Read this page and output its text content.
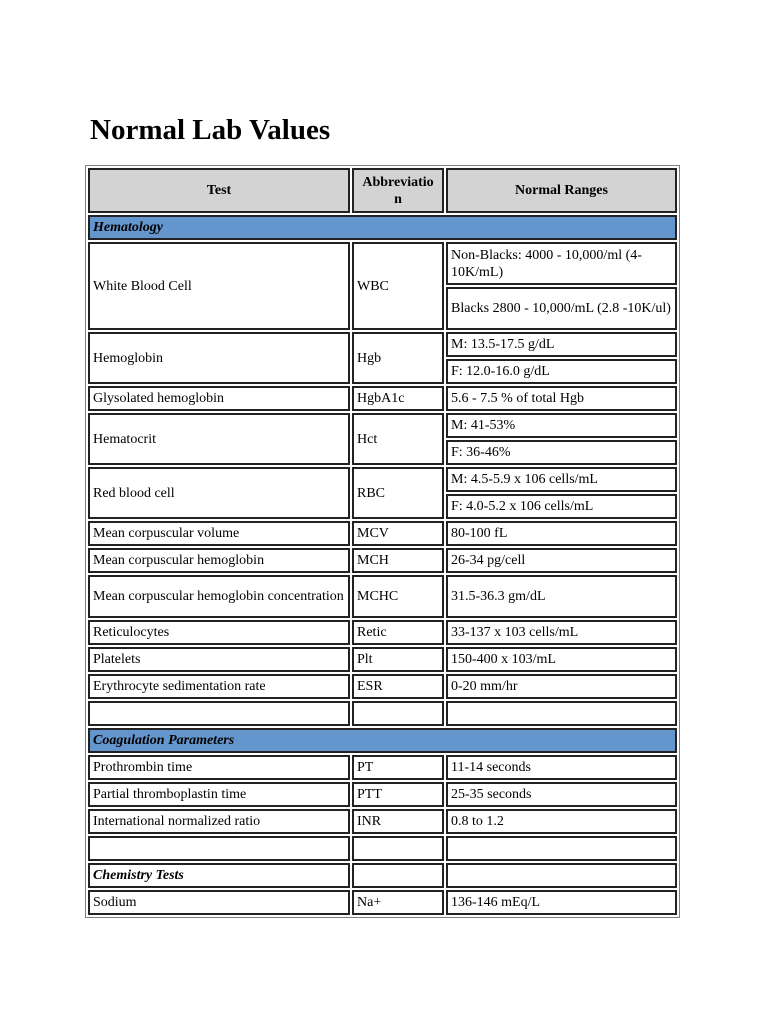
Normal Lab Values
Test	Abbreviatio n	Normal Ranges
Hematology		
White Blood Cell	WBC	Non-Blacks: 4000 - 10,000/ml (4-10K/mL)
		Blacks 2800 - 10,000/mL (2.8 -10K/ul)
Hemoglobin	Hgb	M: 13.5-17.5 g/dL
		F: 12.0-16.0 g/dL
Glysolated hemoglobin	HgbA1c	5.6 - 7.5 % of total Hgb
Hematocrit	Hct	M: 41-53%
		F: 36-46%
Red blood cell	RBC	M: 4.5-5.9 x 106 cells/mL
		F: 4.0-5.2 x 106 cells/mL
Mean corpuscular volume	MCV	80-100 fL
Mean corpuscular hemoglobin	MCH	26-34 pg/cell
Mean corpuscular hemoglobin concentration	MCHC	31.5-36.3 gm/dL
Reticulocytes	Retic	33-137 x 103 cells/mL
Platelets	Plt	150-400 x 103/mL
Erythrocyte sedimentation rate	ESR	0-20 mm/hr

Coagulation Parameters		
Prothrombin time	PT	11-14 seconds
Partial thromboplastin time	PTT	25-35 seconds
International normalized ratio	INR	0.8 to 1.2

Chemistry Tests		
Sodium	Na+	136-146 mEq/L
